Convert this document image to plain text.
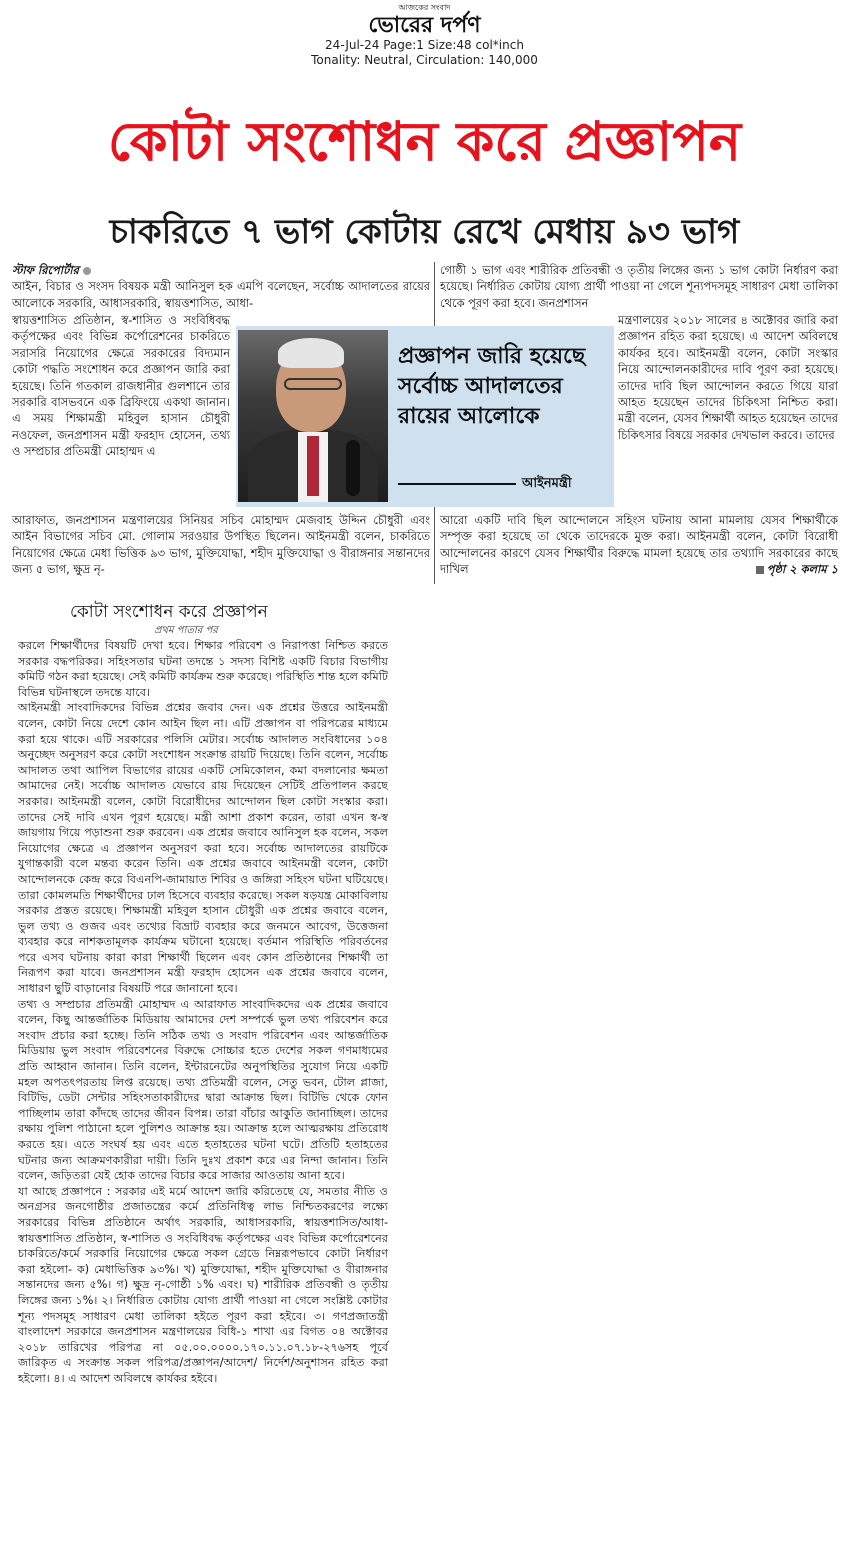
আজকের সংবাদ
ভোরের দর্পণ
24-Jul-24 Page:1 Size:48 col*inch
Tonality: Neutral, Circulation: 140,000
কোটা সংশোধন করে প্রজ্ঞাপন
চাকরিতে ৭ ভাগ কোটায় রেখে মেধায় ৯৩ ভাগ
স্টাফ রিপোর্টার
আইন, বিচার ও সংসদ বিষয়ক মন্ত্রী আনিসুল হক এমপি বলেছেন, সর্বোচ্চ আদালতের রায়ের আলোকে সরকারি, আধাসরকারি, স্বায়ত্তশাসিত, আধা-
স্বায়ত্তশাসিত প্রতিষ্ঠান, স্ব-শাসিত ও সংবিধিবদ্ধ কর্তৃপক্ষের এবং বিভিন্ন কর্পোরেশনের চাকরিতে সরাসরি নিয়োগের ক্ষেত্রে সরকারের বিদ্যমান কোটা পদ্ধতি সংশোধন করে প্রজ্ঞাপন জারি করা হয়েছে। তিনি গতকাল রাজধানীর গুলশানে তার সরকারি বাসভবনে এক ব্রিফিংয়ে একথা জানান। এ সময় শিক্ষামন্ত্রী মহিবুল হাসান চৌধুরী নওফেল, জনপ্রশাসন মন্ত্রী ফরহাদ হোসেন, তথ্য ও সম্প্রচার প্রতিমন্ত্রী মোহাম্মদ এ
গোষ্ঠী ১ ভাগ এবং শারীরিক প্রতিবন্ধী ও তৃতীয় লিঙ্গের জন্য ১ ভাগ কোটা নির্ধারণ করা হয়েছে। নির্ধারিত কোটায় যোগ্য প্রার্থী পাওয়া না গেলে শূন্যপদসমূহ সাধারণ মেধা তালিকা থেকে পূরণ করা হবে। জনপ্রশাসন
মন্ত্রণালয়ের ২০১৮ সালের ৪ অক্টোবর জারি করা প্রজ্ঞাপন রহিত করা হয়েছে। এ আদেশ অবিলম্বে কার্যকর হবে। আইনমন্ত্রী বলেন, কোটা সংস্কার নিয়ে আন্দোলনকারীদের দাবি পূরণ করা হয়েছে। তাদের দাবি ছিল আন্দোলন করতে গিয়ে যারা আহত হয়েছেন তাদের চিকিৎসা নিশ্চিত করা। মন্ত্রী বলেন, যেসব শিক্ষার্থী আহত হয়েছেন তাদের চিকিৎসার বিষয়ে সরকার দেখভাল করবে। তাদের
প্রজ্ঞাপন জারি হয়েছে সর্বোচ্চ আদালতের রায়ের আলোকে
আইনমন্ত্রী
আরাফাত, জনপ্রশাসন মন্ত্রণালয়ের সিনিয়র সচিব মোহাম্মদ মেজবাহ উদ্দিন চৌধুরী এবং আইন বিভাগের সচিব মো. গোলাম সরওয়ার উপস্থিত ছিলেন। আইনমন্ত্রী বলেন, চাকরিতে নিয়োগের ক্ষেত্রে মেধা ভিত্তিক ৯৩ ভাগ, মুক্তিযোদ্ধা, শহীদ মুক্তিযোদ্ধা ও বীরাঙ্গনার সন্তানদের জন্য ৫ ভাগ, ক্ষুদ্র নৃ-
আরো একটি দাবি ছিল আন্দোলনে সহিংস ঘটনায় আনা মামলায় যেসব শিক্ষার্থীকে সম্পৃক্ত করা হয়েছে তা থেকে তাদেরকে মুক্ত করা। আইনমন্ত্রী বলেন, কোটা বিরোধী আন্দোলনের কারণে যেসব শিক্ষার্থীর বিরুদ্ধে মামলা হয়েছে তার তথ্যাদি সরকারের কাছে দাখিল	পৃষ্ঠা ২ কলাম ১
কোটা সংশোধন করে প্রজ্ঞাপন
প্রথম পাতার পর

করলে শিক্ষার্থীদের বিষয়টি দেখা হবে। শিক্ষার পরিবেশ ও নিরাপত্তা নিশ্চিত করতে সরকার বদ্ধপরিকর। সহিংসতার ঘটনা তদন্তে ১ সদস্য বিশিষ্ট একটি বিচার বিভাগীয় কমিটি গঠন করা হয়েছে। সেই কমিটি কার্যক্রম শুরু করেছে। পরিস্থিতি শান্ত হলে কমিটি বিভিন্ন ঘটনাস্থলে তদন্তে যাবে।

আইনমন্ত্রী সাংবাদিকদের বিভিন্ন প্রশ্নের জবাব দেন। এক প্রশ্নের উত্তরে আইনমন্ত্রী বলেন, কোটা নিয়ে দেশে কোন আইন ছিল না। এটি প্রজ্ঞাপন বা পরিপত্রের মাধ্যমে করা হয়ে থাকে। এটি সরকারের পলিসি মেটার। সর্বোচ্চ আদালত সংবিধানের ১০৪ অনুচ্ছেদ অনুসরণ করে কোটা সংশোধন সংক্রান্ত রায়টি দিয়েছে। তিনি বলেন, সর্বোচ্চ আদালত তথা আপিল বিভাগের রায়ের একটি সেমিকোলন, কমা বদলানোর ক্ষমতা আমাদের নেই। সর্বোচ্চ আদালত যেভাবে রায় দিয়েছেন সেটিই প্রতিপালন করছে সরকার। আইনমন্ত্রী বলেন, কোটা বিরোধীদের আন্দোলন ছিল কোটা সংস্কার করা। তাদের সেই দাবি এখন পূরণ হয়েছে। মন্ত্রী আশা প্রকাশ করেন, তারা এখন স্ব-স্ব জায়গায় গিয়ে পড়াশুনা শুরু করবেন। এক প্রশ্নের জবাবে আনিসুল হক বলেন, সকল নিয়োগের ক্ষেত্রে এ প্রজ্ঞাপন অনুসরণ করা হবে। সর্বোচ্চ আদালতের রায়টিকে যুগান্তকারী বলে মন্তব্য করেন তিনি। এক প্রশ্নের জবাবে আইনমন্ত্রী বলেন, কোটা আন্দোলনকে কেন্দ্র করে বিএনপি-জামায়াত শিবির ও জঙ্গিরা সহিংস ঘটনা ঘটিয়েছে। তারা কোমলমতি শিক্ষার্থীদের ঢাল হিসেবে ব্যবহার করেছে। সকল ষড়যন্ত্র মোকাবিলায় সরকার প্রস্তত রয়েছে। শিক্ষামন্ত্রী মহিবুল হাসান চৌধুরী এক প্রশ্নের জবাবে বলেন, ভুল তথ্য ও গুজব এবং তথ্যের বিভ্রাট ব্যবহার করে জনমনে আবেগ, উত্তেজনা ব্যবহার করে নাশকতামূলক কার্যক্রম ঘটানো হয়েছে। বর্তমান পরিস্থিতি পরিবর্তনের পরে এসব ঘটনায় কারা কারা শিক্ষার্থী ছিলেন এবং কোন প্রতিষ্ঠানের শিক্ষার্থী তা নিরূপণ করা যাবে। জনপ্রশাসন মন্ত্রী ফরহাদ হোসেন এক প্রশ্নের জবাবে বলেন, সাধারণ ছুটি বাড়ানোর বিষয়টি পরে জানানো হবে।

তথ্য ও সম্প্রচার প্রতিমন্ত্রী মোহাম্মদ এ আরাফাত সাংবাদিকদের এক প্রশ্নের জবাবে বলেন, কিছু আন্তর্জাতিক মিডিয়ায় আমাদের দেশ সম্পর্কে ভুল তথ্য পরিবেশন করে সংবাদ প্রচার করা হচ্ছে। তিনি সঠিক তথ্য ও সংবাদ পরিবেশন এবং আন্তর্জাতিক মিডিয়ায় ভুল সংবাদ পরিবেশনের বিরুদ্ধে সোচ্চার হতে দেশের সকল গণমাধ্যমের প্রতি আহ্বান জানান। তিনি বলেন, ইন্টারনেটের অনুপস্থিতির সুযোগ নিয়ে একটি মহল অপতৎপরতায় লিপ্ত রয়েছে। তথ্য প্রতিমন্ত্রী বলেন, সেতু ভবন, টোল প্লাজা, বিটিভি, ডেটা সেন্টার সহিংসতাকারীদের দ্বারা আক্রান্ত ছিল। বিটিভি থেকে ফোন পাচ্ছিলাম তারা কাঁদছে তাদের জীবন বিপন্ন। তারা বাঁচার আকুতি জানাচ্ছিল। তাদের রক্ষায় পুলিশ পাঠানো হলে পুলিশও আক্রান্ত হয়। আক্রান্ত হলে আত্মরক্ষায় প্রতিরোধ করতে হয়। এতে সংঘর্ষ হয় এবং এতে হতাহতের ঘটনা ঘটে। প্রতিটি হতাহতের ঘটনার জন্য আক্রমণকারীরা দায়ী। তিনি দুঃখ প্রকাশ করে এর নিন্দা জানান। তিনি বলেন, জড়িতরা যেই হোক তাদের বিচার করে সাজার আওতায় আনা হবে।

যা আছে প্রজ্ঞাপনে : সরকার এই মর্মে আদেশ জারি করিতেছে যে, সমতার নীতি ও অনগ্রসর জনগোষ্ঠীর প্রজাতন্ত্রের কর্মে প্রতিনিধিত্ব লাভ নিশ্চিতকরণের লক্ষ্যে সরকারের বিভিন্ন প্রতিষ্ঠানে অর্থাৎ সরকারি, আধাসরকারি, স্বায়ত্তশাসিত/আধা-স্বায়ত্তশাসিত প্রতিষ্ঠান, স্ব-শাসিত ও সংবিধিবদ্ধ কর্তৃপক্ষের এবং বিভিন্ন কর্পোরেশনের চাকরিতে/কর্মে সরকারি নিয়োগের ক্ষেত্রে সকল গ্রেডে নিম্নরূপভাবে কোটা নির্ধারণ করা হইলো- ক) মেধাভিত্তিক ৯৩%। খ) মুক্তিযোদ্ধা, শহীদ মুক্তিযোদ্ধা ও বীরাঙ্গনার সন্তানদের জন্য ৫%। গ) ক্ষুদ্র নৃ-গোষ্ঠী ১% এবং। ঘ) শারীরিক প্রতিবন্ধী ও তৃতীয় লিঙ্গের জন্য ১%। ২। নির্ধারিত কোটায় যোগ্য প্রার্থী পাওয়া না গেলে সংশ্লিষ্ট কোটার শূন্য পদসমূহ সাধারণ মেধা তালিকা হইতে পূরণ করা হইবে। ৩। গণপ্রজাতন্ত্রী বাংলাদেশ সরকারে জনপ্রশাসন মন্ত্রণালয়ের বিধি-১ শাখা এর বিগত ০৪ অক্টোবর ২০১৮ তারিখের পরিপত্র না ০৫.০০.০০০০.১৭০.১১.০৭.১৮-২৭৬সহ পূর্বে জারিকৃত এ সংক্রান্ত সকল পরিপত্র/প্রজ্ঞাপন/আদেশ/ নির্দেশ/অনুশাসন রহিত করা হইলো। ৪। এ আদেশ অবিলম্বে কার্যকর হইবে।
